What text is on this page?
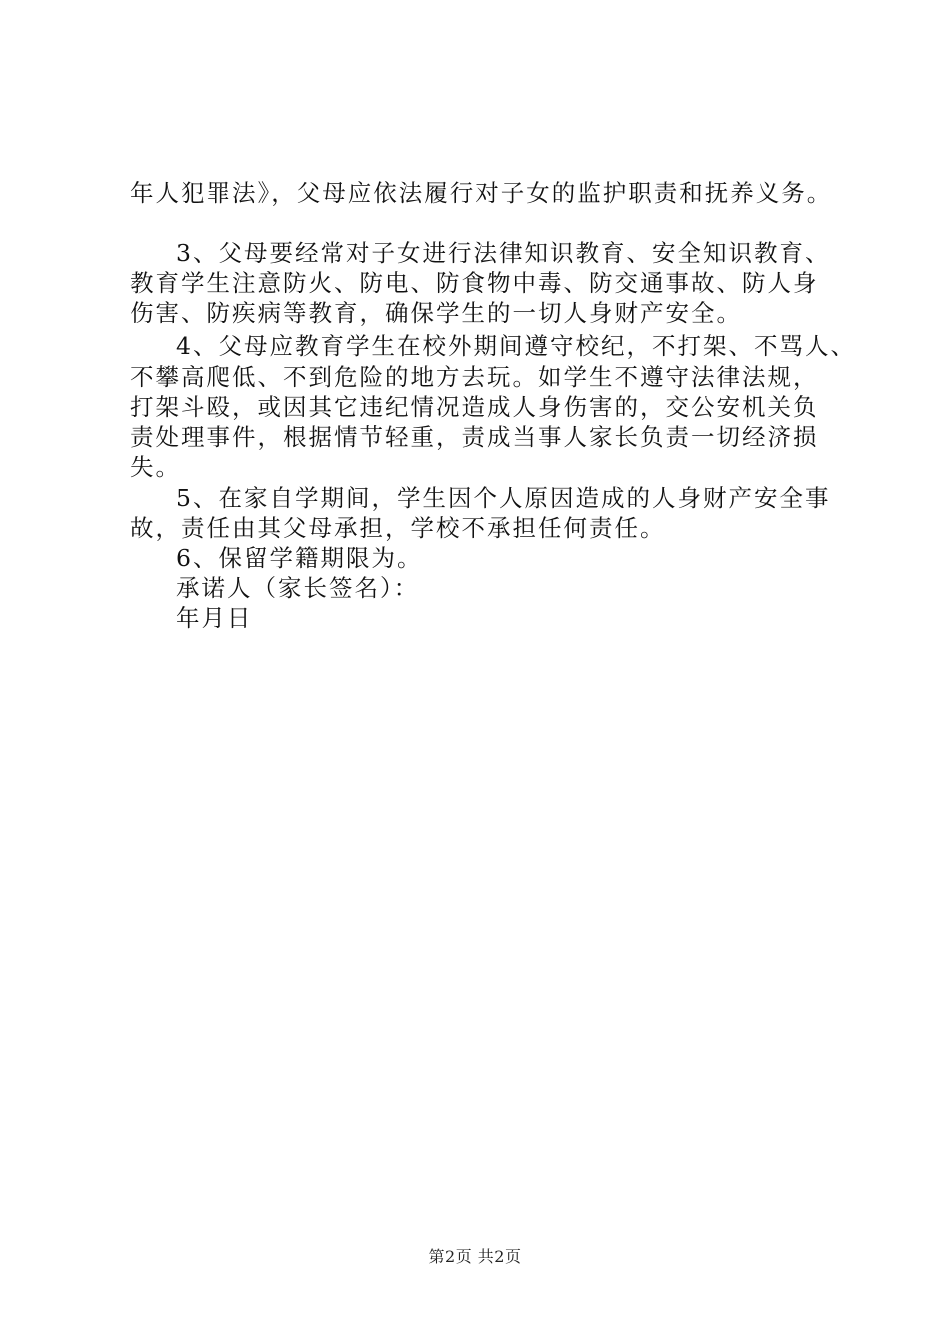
年人犯罪法》，父母应依法履行对子女的监护职责和抚养义务。
3、父母要经常对子女进行法律知识教育、安全知识教育、
教育学生注意防火、防电、防食物中毒、防交通事故、防人身
伤害、防疾病等教育，确保学生的一切人身财产安全。
4、父母应教育学生在校外期间遵守校纪，不打架、不骂人、
不攀高爬低、不到危险的地方去玩。如学生不遵守法律法规，
打架斗殴，或因其它违纪情况造成人身伤害的，交公安机关负
责处理事件，根据情节轻重，责成当事人家长负责一切经济损
失。
5、在家自学期间，学生因个人原因造成的人身财产安全事
故，责任由其父母承担，学校不承担任何责任。
6、保留学籍期限为。
承诺人（家长签名）：
年月日
第2页 共2页
